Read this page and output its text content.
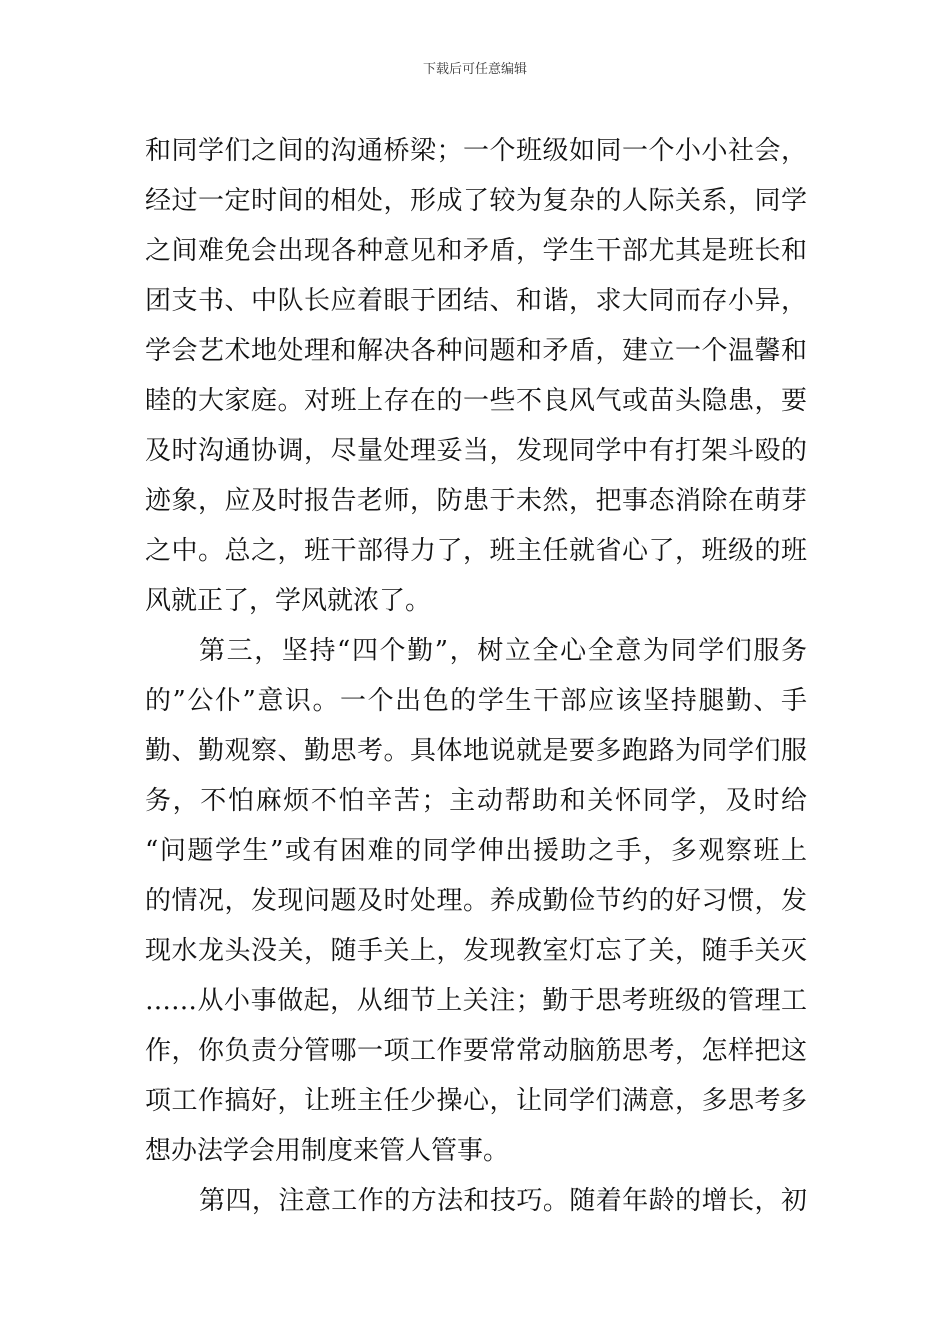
下载后可任意编辑
和同学们之间的沟通桥梁；一个班级如同一个小小社会，
经过一定时间的相处，形成了较为复杂的人际关系，同学
之间难免会出现各种意见和矛盾，学生干部尤其是班长和
团支书、中队长应着眼于团结、和谐，求大同而存小异，
学会艺术地处理和解决各种问题和矛盾，建立一个温馨和
睦的大家庭。对班上存在的一些不良风气或苗头隐患，要
及时沟通协调，尽量处理妥当，发现同学中有打架斗殴的
迹象，应及时报告老师，防患于未然，把事态消除在萌芽
之中。总之，班干部得力了，班主任就省心了，班级的班
风就正了，学风就浓了。
第三，坚持“四个勤”，树立全心全意为同学们服务
的”公仆”意识。一个出色的学生干部应该坚持腿勤、手
勤、勤观察、勤思考。具体地说就是要多跑路为同学们服
务，不怕麻烦不怕辛苦；主动帮助和关怀同学，及时给
“问题学生”或有困难的同学伸出援助之手，多观察班上
的情况，发现问题及时处理。养成勤俭节约的好习惯，发
现水龙头没关，随手关上，发现教室灯忘了关，随手关灭
……从小事做起，从细节上关注；勤于思考班级的管理工
作，你负责分管哪一项工作要常常动脑筋思考，怎样把这
项工作搞好，让班主任少操心，让同学们满意，多思考多
想办法学会用制度来管人管事。
第四，注意工作的方法和技巧。随着年龄的增长，初
